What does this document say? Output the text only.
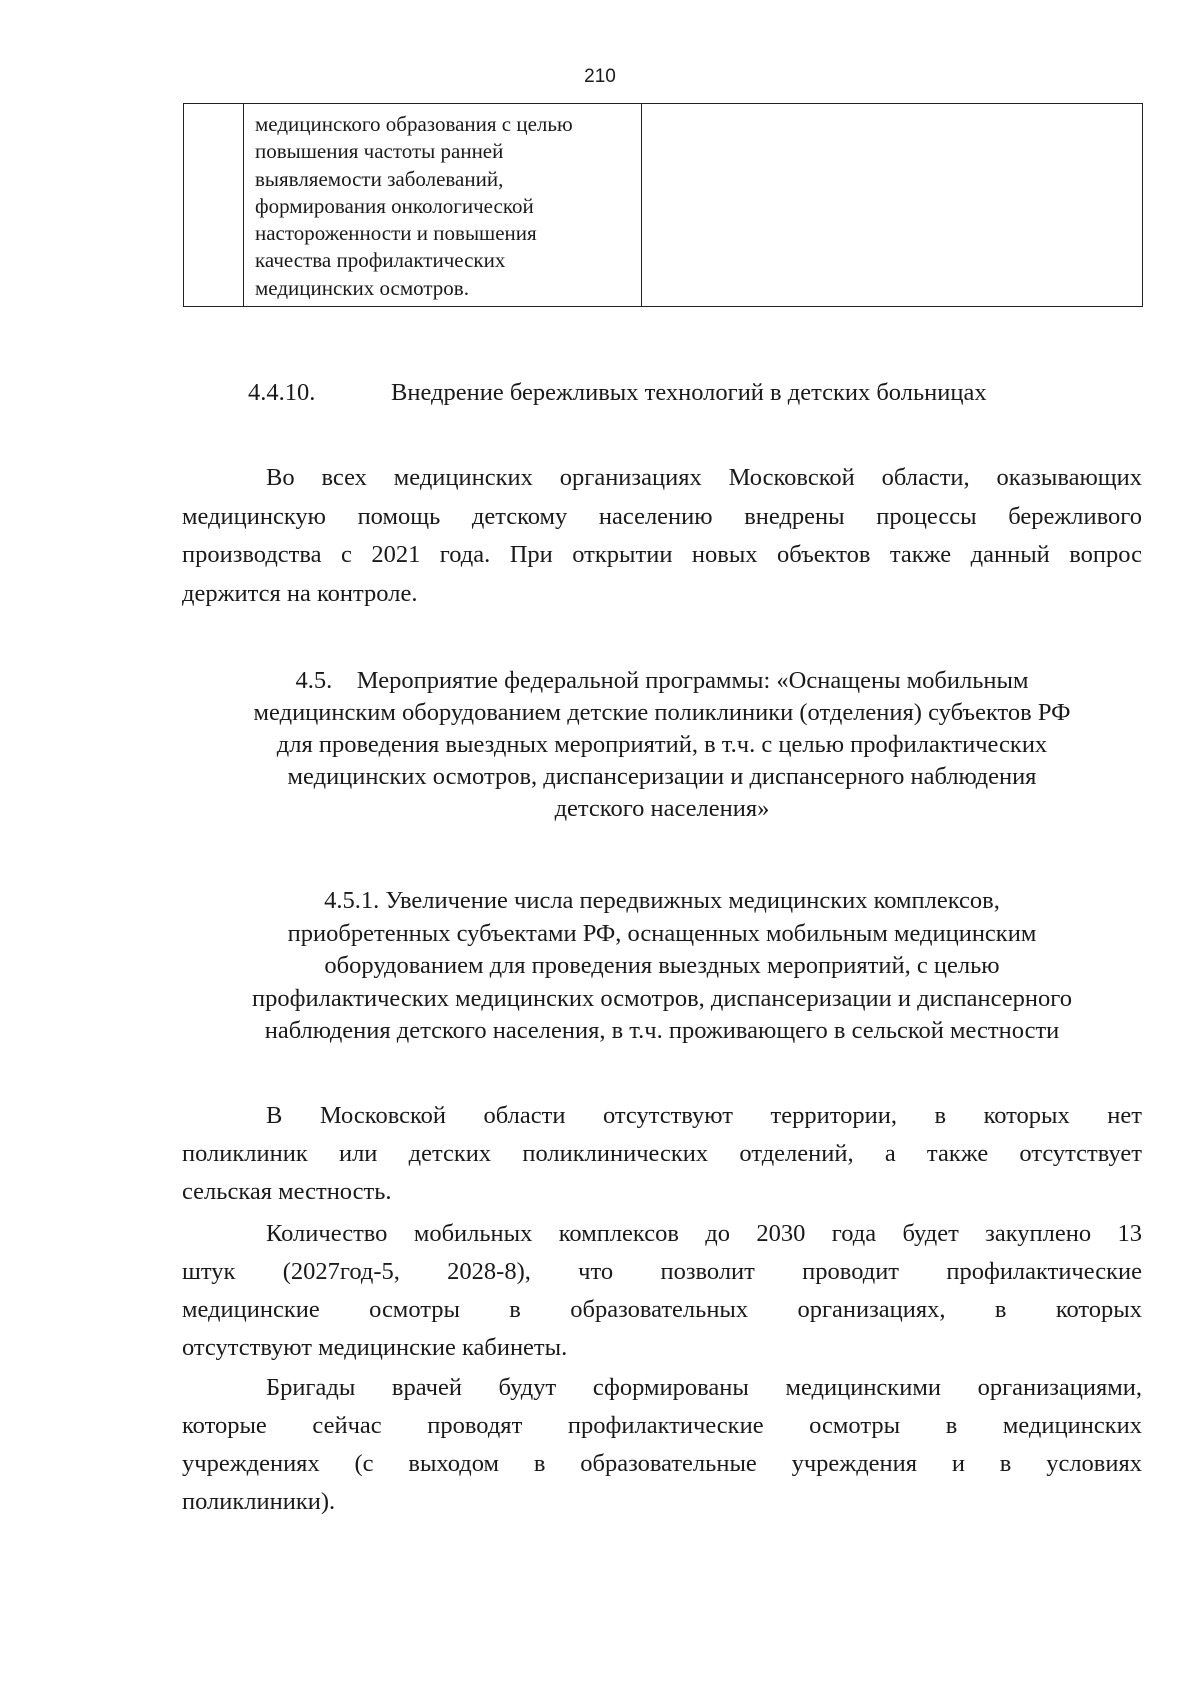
210

медицинского образования с целью
повышения частоты ранней
выявляемости заболеваний,
формирования онкологической
настороженности и повышения
качества профилактических
медицинских осмотров.

4.4.10.	Внедрение бережливых технологий в детских больницах
Во всех медицинских организациях Московской области, оказывающих
медицинскую помощь детскому населению внедрены процессы бережливого
производства с 2021 года. При открытии новых объектов также данный вопрос
держится на контроле.
4.5.    Мероприятие федеральной программы: «Оснащены мобильным
медицинским оборудованием детские поликлиники (отделения) субъектов РФ
для проведения выездных мероприятий, в т.ч. с целью профилактических
медицинских осмотров, диспансеризации и диспансерного наблюдения
детского населения»
4.5.1. Увеличение числа передвижных медицинских комплексов,
приобретенных субъектами РФ, оснащенных мобильным медицинским
оборудованием для проведения выездных мероприятий, с целью
профилактических медицинских осмотров, диспансеризации и диспансерного
наблюдения детского населения, в т.ч. проживающего в сельской местности
В Московской области отсутствуют территории, в которых нет
поликлиник или детских поликлинических отделений, а также отсутствует
сельская местность.
Количество мобильных комплексов до 2030 года будет закуплено 13
штук (2027год-5, 2028-8), что позволит проводит профилактические
медицинские осмотры в образовательных организациях, в которых
отсутствуют медицинские кабинеты.
Бригады врачей будут сформированы медицинскими организациями,
которые сейчас проводят профилактические осмотры в медицинских
учреждениях (с выходом в образовательные учреждения и в условиях
поликлиники).
